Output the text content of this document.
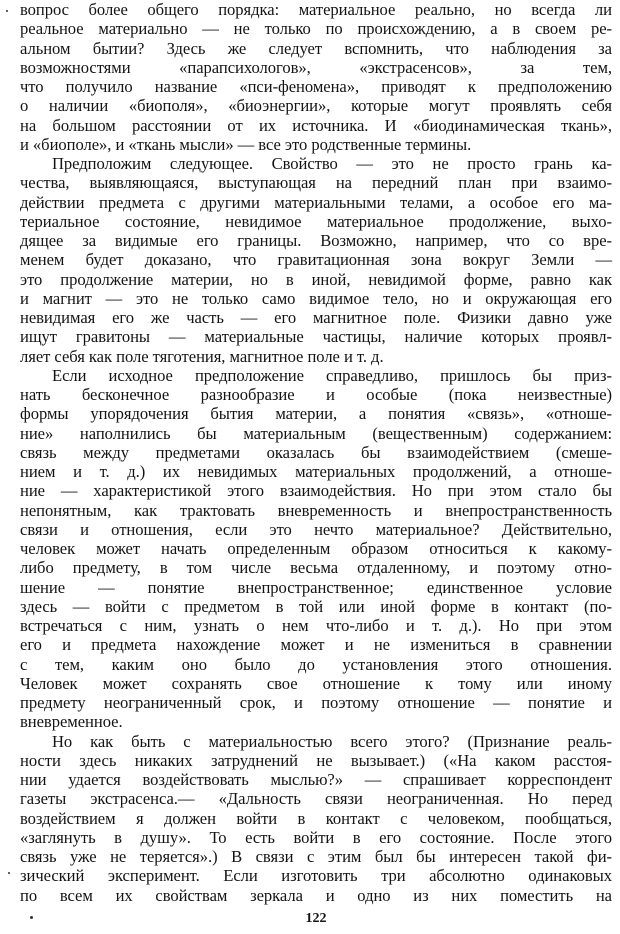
вопрос более общего порядка: материальное реально, но всегда ли
реальное материально — не только по происхождению, а в своем ре-
альном бытии? Здесь же следует вспомнить, что наблюдения за
возможностями «парапсихологов», «экстрасенсов», за тем,
что получило название «пси-феномена», приводят к предположению
о наличии «биополя», «биоэнергии», которые могут проявлять себя
на большом расстоянии от их источника. И «биодинамическая ткань»,
и «биополе», и «ткань мысли» — все это родственные термины.
Предположим следующее. Свойство — это не просто грань ка-
чества, выявляющаяся, выступающая на передний план при взаимо-
действии предмета с другими материальными телами, а особое его ма-
териальное состояние, невидимое материальное продолжение, выхо-
дящее за видимые его границы. Возможно, например, что со вре-
менем будет доказано, что гравитационная зона вокруг Земли —
это продолжение материи, но в иной, невидимой форме, равно как
и магнит — это не только само видимое тело, но и окружающая его
невидимая его же часть — его магнитное поле. Физики давно уже
ищут гравитоны — материальные частицы, наличие которых проявл-
ляет себя как поле тяготения, магнитное поле и т. д.
Если исходное предположение справедливо, пришлось бы приз-
нать бесконечное разнообразие и особые (пока неизвестные)
формы упорядочения бытия материи, а понятия «связь», «отноше-
ние» наполнились бы материальным (вещественным) содержанием:
связь между предметами оказалась бы взаимодействием (смеше-
нием и т. д.) их невидимых материальных продолжений, а отноше-
ние — характеристикой этого взаимодействия. Но при этом стало бы
непонятным, как трактовать вневременность и внепространственность
связи и отношения, если это нечто материальное? Действительно,
человек может начать определенным образом относиться к какому-
либо предмету, в том числе весьма отдаленному, и поэтому отно-
шение — понятие внепространственное; единственное условие
здесь — войти с предметом в той или иной форме в контакт (по-
встречаться с ним, узнать о нем что-либо и т. д.). Но при этом
его и предмета нахождение может и не измениться в сравнении
с тем, каким оно было до установления этого отношения.
Человек может сохранять свое отношение к тому или иному
предмету неограниченный срок, и поэтому отношение — понятие и
вневременное.
Но как быть с материальностью всего этого? (Признание реаль-
ности здесь никаких затруднений не вызывает.) («На каком расстоя-
нии удается воздействовать мыслью?» — спрашивает корреспондент
газеты экстрасенса.— «Дальность связи неограниченная. Но перед
воздействием я должен войти в контакт с человеком, пообщаться,
«заглянуть в душу». То есть войти в его состояние. После этого
связь уже не теряется».) В связи с этим был бы интересен такой фи-
зический эксперимент. Если изготовить три абсолютно одинаковых
по всем их свойствам зеркала и одно из них поместить на
122
